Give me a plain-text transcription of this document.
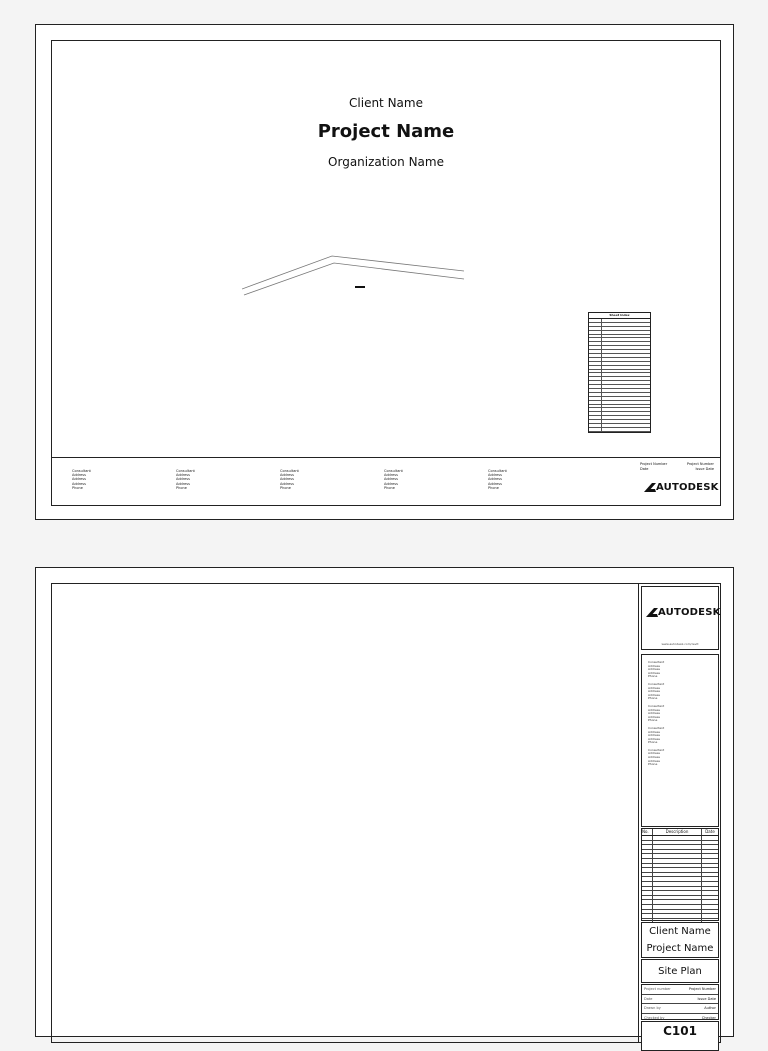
Client Name
Project Name
Organization Name
Sheet Index
Consultant
Address
Address
Address
Phone
Consultant
Address
Address
Address
Phone
Consultant
Address
Address
Address
Phone
Consultant
Address
Address
Address
Phone
Consultant
Address
Address
Address
Phone
Project Number
Date
Project Number
Issue Date
AUTODESK
AUTODESK
www.autodesk.com/revit
Consultant
Address
Address
Address
Phone
Consultant
Address
Address
Address
Phone
Consultant
Address
Address
Address
Phone
Consultant
Address
Address
Address
Phone
Consultant
Address
Address
Address
Phone
No.	Description	Date
Client Name
Project Name
Site Plan
Project number	Project Number
Date	Issue Date
Drawn by	Author
Checked by	Checker
C101
